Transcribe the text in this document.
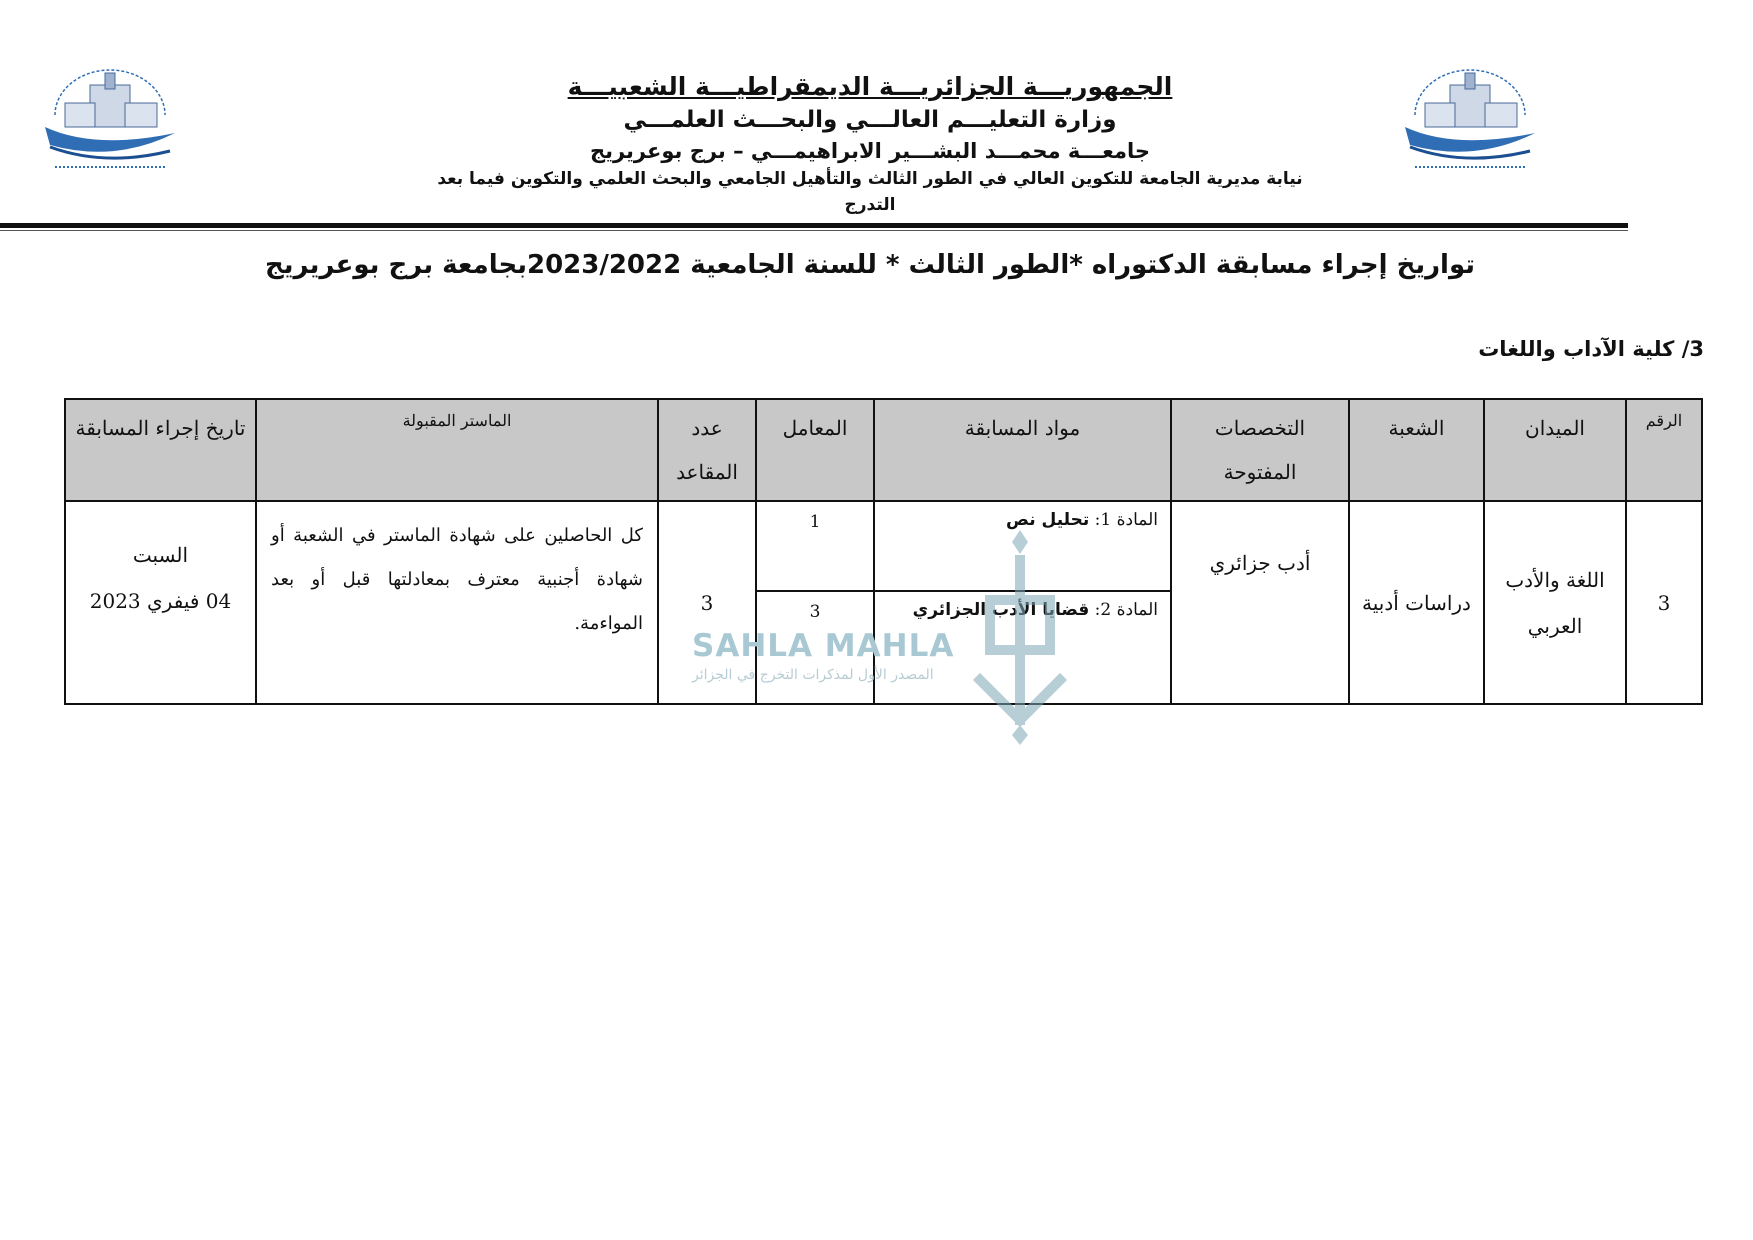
الجمهوريـــة الجزائريـــة الديمقراطيـــة الشعبيـــة
وزارة التعليـــم العالـــي والبحـــث العلمـــي
جامعـــة محمـــد البشـــير الابراهيمـــي – برج بوعريريج
نيابة مديرية الجامعة للتكوين العالي في الطور الثالث والتأهيل الجامعي والبحث العلمي والتكوين فيما بعد التدرج
تواريخ إجراء مسابقة الدكتوراه *الطور الثالث * للسنة الجامعية 2023/2022بجامعة برج بوعريريج
3/ كلية الآداب واللغات
الرقم	الميدان	الشعبة	التخصصات المفتوحة	مواد المسابقة	المعامل	عدد المقاعد	الماستر المقبولة	تاريخ إجراء المسابقة
3	اللغة والأدب العربي	دراسات أدبية	أدب جزائري	المادة 1: تحليل نص	1	3	كل الحاصلين على شهادة الماستر في الشعبة أو شهادة أجنبية معترف بمعادلتها قبل أو بعد المواءمة.	السبت
04 فيفري 2023

				المادة 2: قضايا الأدب الجزائري	3			
SAHLA MAHLA
المصدر الأول لمذكرات التخرج في الجزائر
